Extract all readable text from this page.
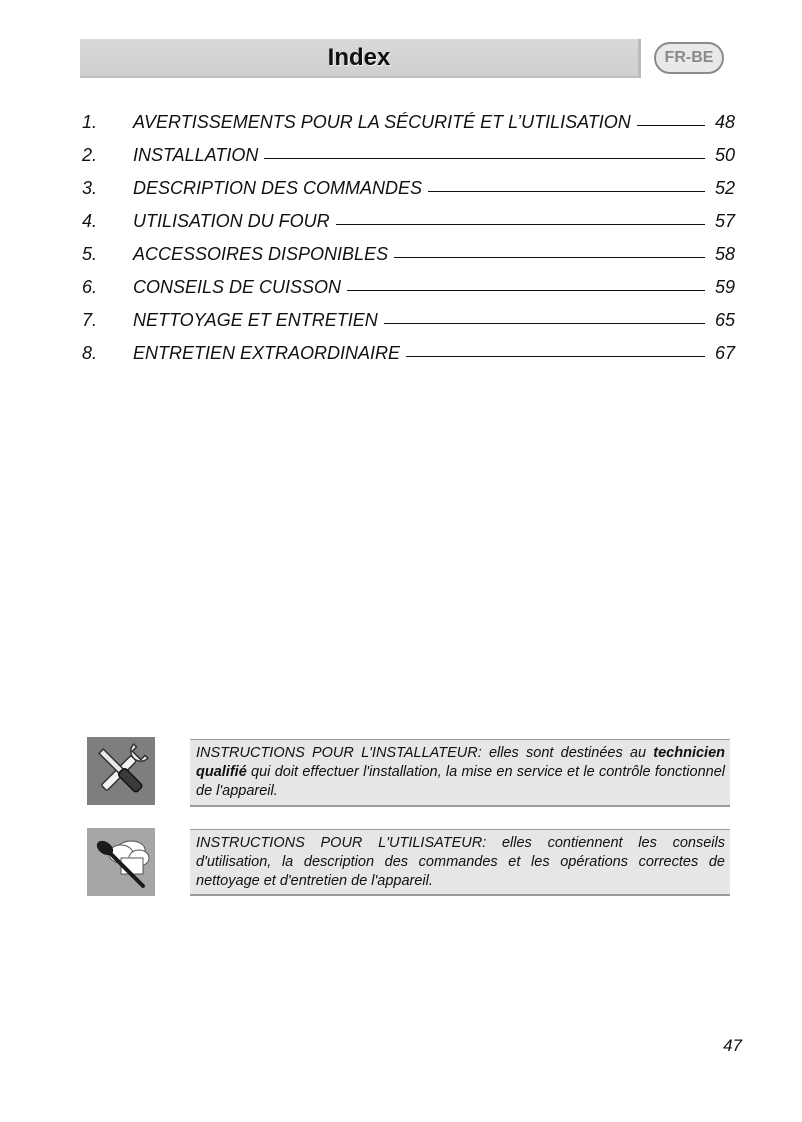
Index	FR-BE
1.	AVERTISSEMENTS POUR LA SÉCURITÉ ET L’UTILISATION	48
2.	INSTALLATION	50
3.	DESCRIPTION DES COMMANDES	52
4.	UTILISATION DU FOUR	57
5.	ACCESSOIRES DISPONIBLES	58
6.	CONSEILS DE CUISSON	59
7.	NETTOYAGE ET ENTRETIEN	65
8.	ENTRETIEN EXTRAORDINAIRE	67
INSTRUCTIONS POUR L'INSTALLATEUR: elles sont destinées au technicien qualifié qui doit effectuer l'installation, la mise en service et le contrôle fonctionnel de l'appareil.
INSTRUCTIONS POUR L'UTILISATEUR: elles contiennent les conseils d'utilisation, la description des commandes et les opérations correctes de nettoyage et d'entretien de l'appareil.
47
